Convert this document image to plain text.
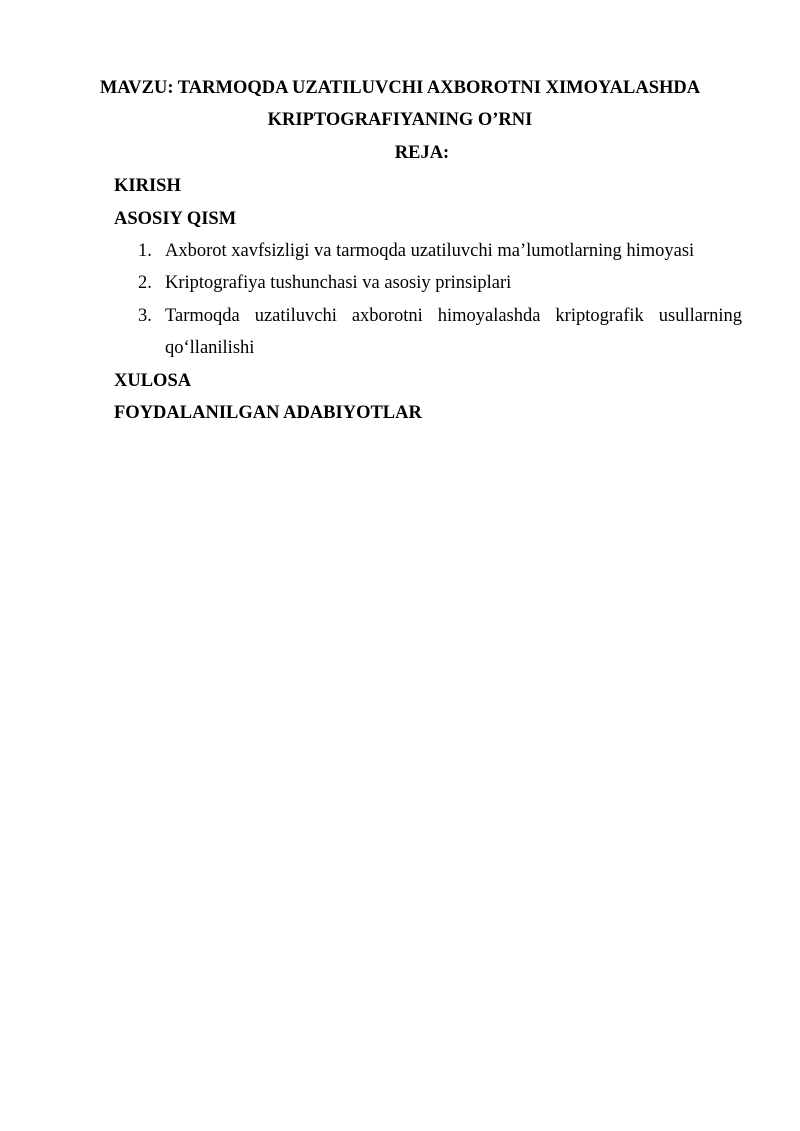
MAVZU: TARMOQDA UZATILUVCHI AXBOROTNI XIMOYALASHDA
KRIPTOGRAFIYANING O’RNI
REJA:
KIRISH
ASOSIY QISM
1. Axborot xavfsizligi va tarmoqda uzatiluvchi ma’lumotlarning himoyasi
2. Kriptografiya tushunchasi va asosiy prinsiplari
3. Tarmoqda uzatiluvchi axborotni himoyalashda kriptografik usullarning
qo‘llanilishi
XULOSA
FOYDALANILGAN ADABIYOTLAR
